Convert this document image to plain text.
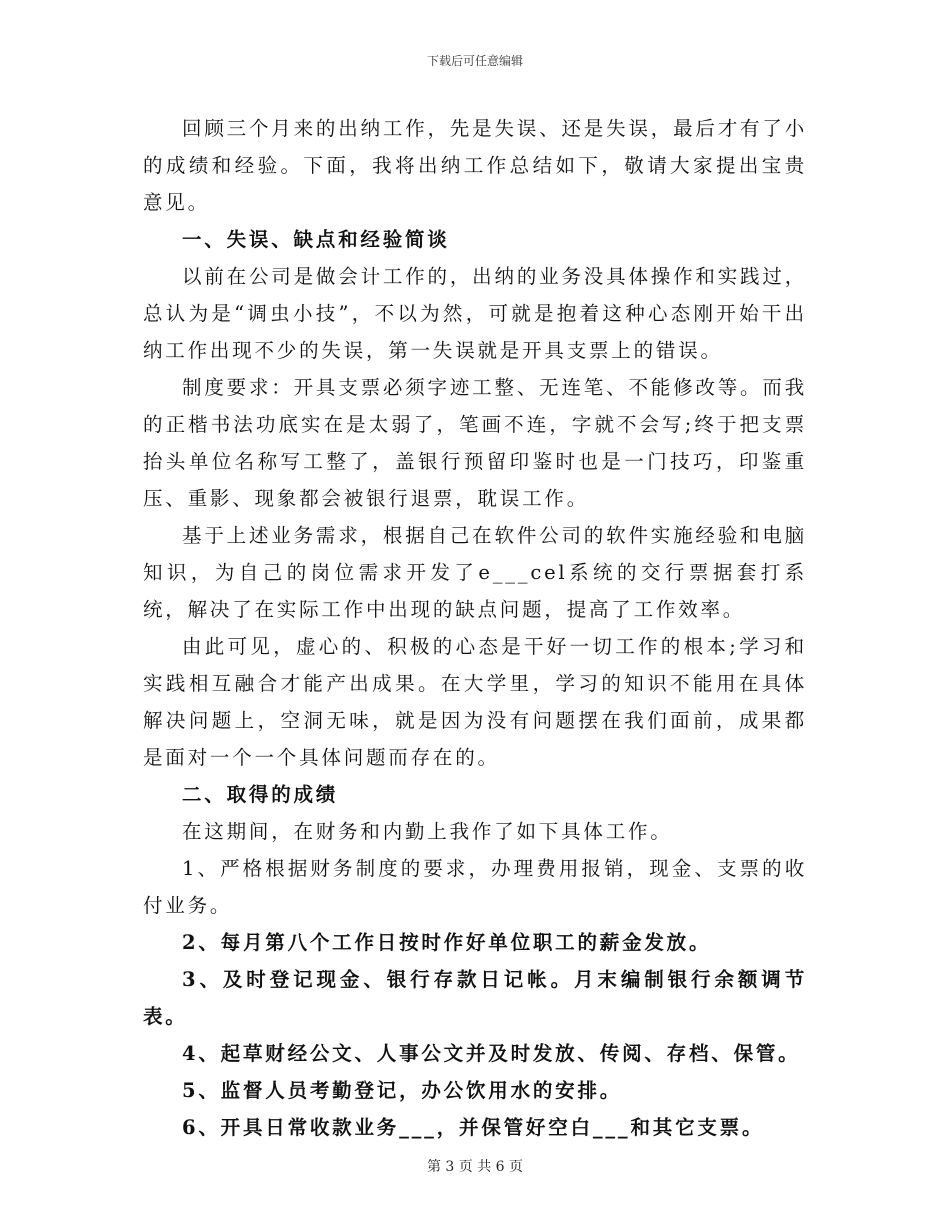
下载后可任意编辑

回顾三个月来的出纳工作，先是失误、还是失误，最后才有了小的成绩和经验。下面，我将出纳工作总结如下，敬请大家提出宝贵意见。

一、失误、缺点和经验简谈

以前在公司是做会计工作的，出纳的业务没具体操作和实践过，总认为是“调虫小技”，不以为然，可就是抱着这种心态刚开始干出纳工作出现不少的失误，第一失误就是开具支票上的错误。

制度要求：开具支票必须字迹工整、无连笔、不能修改等。而我的正楷书法功底实在是太弱了，笔画不连，字就不会写;终于把支票抬头单位名称写工整了，盖银行预留印鉴时也是一门技巧，印鉴重压、重影、现象都会被银行退票，耽误工作。

基于上述业务需求，根据自己在软件公司的软件实施经验和电脑知识，为自己的岗位需求开发了e___cel系统的交行票据套打系统，解决了在实际工作中出现的缺点问题，提高了工作效率。

由此可见，虚心的、积极的心态是干好一切工作的根本;学习和实践相互融合才能产出成果。在大学里，学习的知识不能用在具体解决问题上，空洞无味，就是因为没有问题摆在我们面前，成果都是面对一个一个具体问题而存在的。

二、取得的成绩

在这期间，在财务和内勤上我作了如下具体工作。

1、严格根据财务制度的要求，办理费用报销，现金、支票的收付业务。

2、每月第八个工作日按时作好单位职工的薪金发放。

3、及时登记现金、银行存款日记帐。月末编制银行余额调节表。

4、起草财经公文、人事公文并及时发放、传阅、存档、保管。

5、监督人员考勤登记，办公饮用水的安排。

6、开具日常收款业务___，并保管好空白___和其它支票。

第 3 页 共 6 页
